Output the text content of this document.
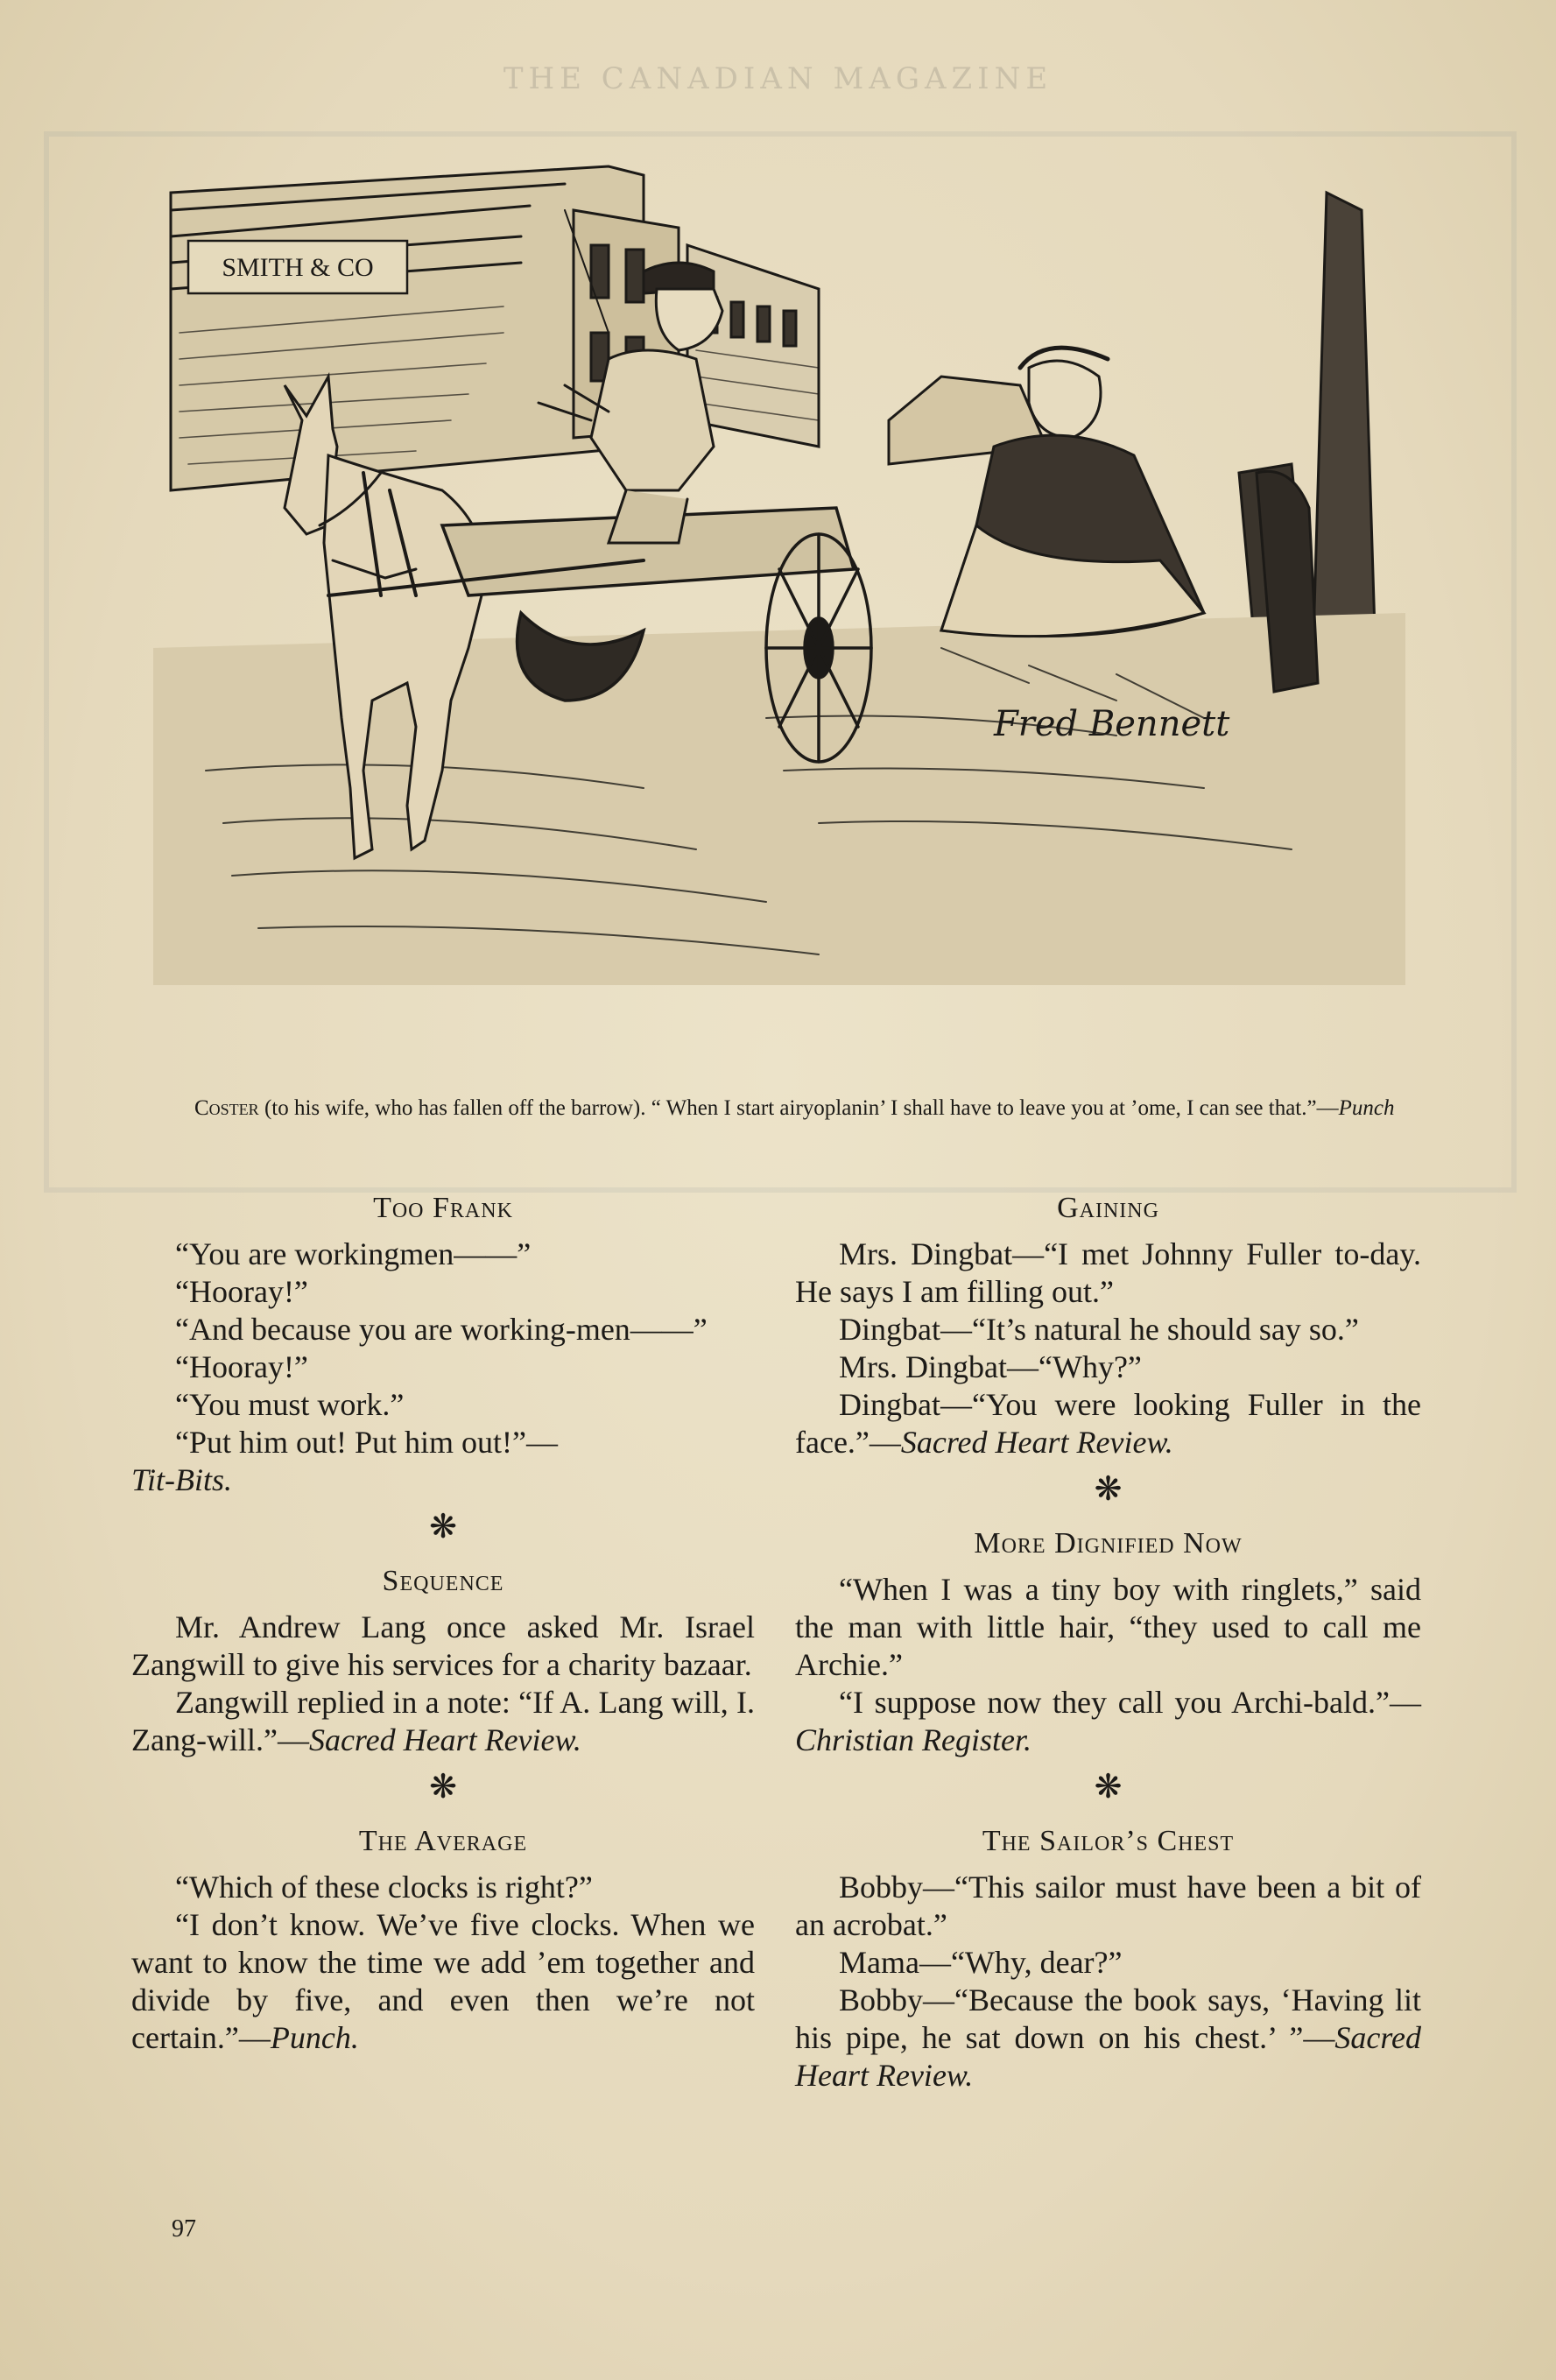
THE CANADIAN MAGAZINE
SMITH & CO
Fred Bennett
Coster (to his wife, who has fallen off the barrow). “ When I start airyoplanin’ I shall have to leave you at ’ome, I can see that.”—Punch
Too Frank

“You are workingmen——”

“Hooray!”

“And because you are working-men——”

“Hooray!”

“You must work.”

“Put him out! Put him out!”—

Tit-Bits.

❋
Sequence

Mr. Andrew Lang once asked Mr. Israel Zangwill to give his services for a charity bazaar.

Zangwill replied in a note: “If A. Lang will, I. Zang-will.”—Sacred Heart Review.

❋
The Average

“Which of these clocks is right?”

“I don’t know. We’ve five clocks. When we want to know the time we add ’em together and divide by five, and even then we’re not certain.”—Punch.

Gaining

Mrs. Dingbat—“I met Johnny Fuller to-day. He says I am filling out.”

Dingbat—“It’s natural he should say so.”

Mrs. Dingbat—“Why?”

Dingbat—“You were looking Fuller in the face.”—Sacred Heart Review.

❋
More Dignified Now

“When I was a tiny boy with ringlets,” said the man with little hair, “they used to call me Archie.”

“I suppose now they call you Archi-bald.”—Christian Register.

❋
The Sailor’s Chest

Bobby—“This sailor must have been a bit of an acrobat.”

Mama—“Why, dear?”

Bobby—“Because the book says, ‘Having lit his pipe, he sat down on his chest.’ ”—Sacred Heart Review.

97
